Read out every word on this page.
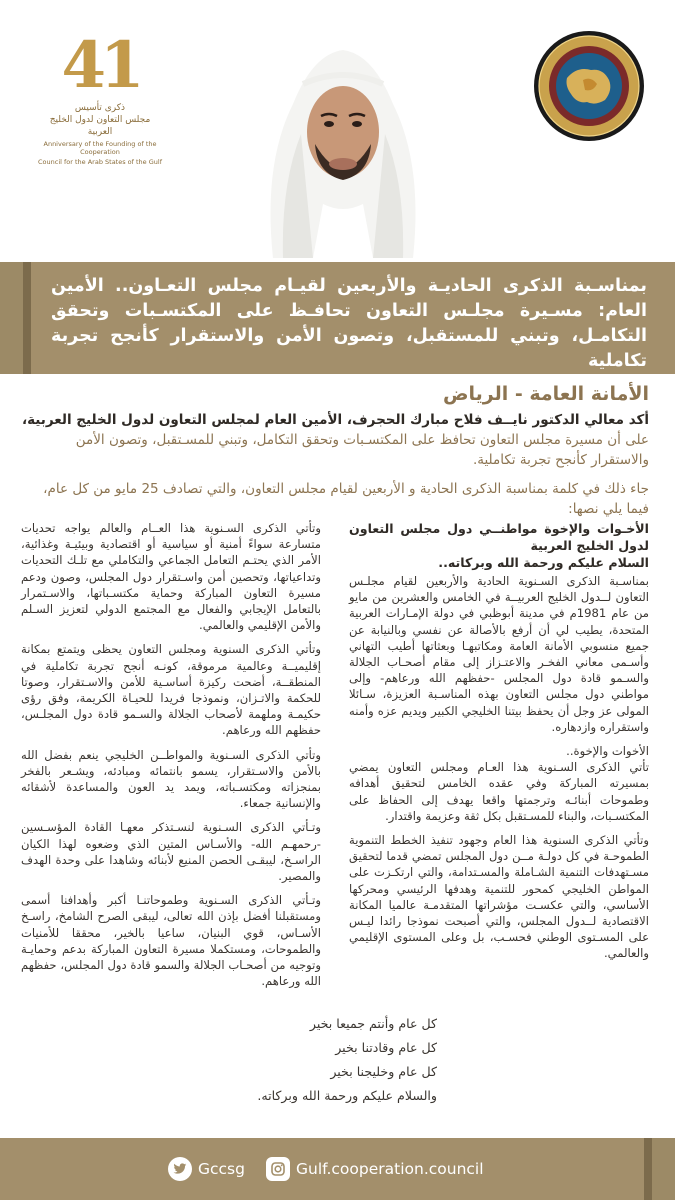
41
ذكرى تأسيس
مجلس التعاون لدول الخليج العربية
Anniversary of the Founding of the Cooperation
Council for the Arab States of the Gulf

بمناسـبة الذكرى الحاديـة والأربعين لقيـام مجلس التعـاون.. الأمين العام: مسـيرة مجلـس التعاون تحافـظ على المكتسـبات وتحقق التكامـل، وتبني للمستقبل، وتصون الأمن والاستقرار كأنجح تجربة تكاملية

الأمانة العامة - الرياض

أكد معالي الدكتور نايــف فلاح مبارك الحجرف، الأمين العام لمجلس التعاون لدول الخليج العربية،

على أن مسيرة مجلس التعاون تحافظ على المكتسـبات وتحقق التكامل، وتبني للمسـتقبل، وتصون الأمن والاستقرار كأنجح تجربة تكاملية.

جاء ذلك في كلمة بمناسبة الذكرى الحادية و الأربعين لقيام مجلس التعاون، والتي تصادف 25 مايو من كل عام، فيما يلي نصها:

الأخـوات والإخوة مواطنــي دول مجلس التعاون لدول الخليج العربية
السلام عليكم ورحمة الله وبركاته..

بمناسـبة الذكرى السـنوية الحادية والأربعين لقيام مجلـس التعاون لــدول الخليج العربيــة في الخامس والعشرين من مايو من عام 1981م في مدينة أبوظبي في دولة الإمـارات العربية المتحدة، يطيب لي أن أرفع بالأصالة عن نفسي وبالنيابة عن جميع منسوبي الأمانة العامة ومكاتبهـا وبعثاتها أطيب التهاني وأسـمى معاني الفخـر والاعتـزاز إلى مقام أصحـاب الجلالة والسـمو قادة دول المجلس -حفظهم الله ورعاهم- وإلى مواطني دول مجلس التعاون بهذه المناسـبة العزيزة، سـائلا المولى عز وجل أن يحفظ بيتنا الخليجي الكبير ويديم عزه وأمنه واستقراره وازدهاره.

الأخوات والإخوة..

تأتي الذكرى السـنوية هذا العـام ومجلس التعاون يمضي بمسيرته المباركة وفي عقده الخامس لتحقيق أهدافه وطموحات أبنائـه وترجمتها واقعا يهدف إلى الحفاظ على المكتسـبات، والبناء للمسـتقبل بكل ثقة وعزيمة واقتدار.

وتأتي الذكرى السنوية هذا العام وجهود تنفيذ الخطط التنموية الطموحـة في كل دولـة مــن دول المجلس تمضي قدما لتحقيق مسـتهدفات التنمية الشـاملة والمسـتدامة، والتي ارتكـزت على المواطن الخليجي كمحور للتنمية وهدفها الرئيسي ومحركها الأساسي، والتي عكسـت مؤشراتها المتقدمـة عالميا المكانة الاقتصادية لــدول المجلس، والتي أصبحت نموذجا رائدا ليـس على المسـتوى الوطني فحسـب، بل وعلى المستوى الإقليمي والعالمي.

وتأتي الذكرى السـنوية هذا العــام والعالم يواجه تحديات متسارعة سواءً أمنية أو سياسية أو اقتصادية وبيئيـة وغذائية، الأمر الذي يحتـم التعامل الجماعي والتكاملي مع تلـك التحديات وتداعياتها، وتحصين أمن واسـتقرار دول المجلس، وصون ودعم مسيرة التعاون المباركة وحماية مكتسـباتها، والاسـتمرار بالتعامل الإيجابي والفعال مع المجتمع الدولي لتعزيز السـلم والأمن الإقليمي والعالمي.

وتأتي الذكرى السنوية ومجلس التعاون يحظى ويتمتع بمكانة إقليميــة وعالمية مرموقة، كونـه أنجح تجربة تكاملية في المنطقــة، أضحت ركيزة أساسـية للأمن والاسـتقرار، وصوتا للحكمة والاتـزان، ونموذجا فريدا للحيـاة الكريمة، وفق رؤى حكيمـة وملهمة لأصحاب الجلالة والسـمو قادة دول المجلـس، حفظهم الله ورعاهم.

وتأتي الذكرى السـنوية والمواطــن الخليجي ينعم بفضل الله بالأمن والاسـتقرار، يسمو بانتمائه ومبادئه، ويشـعر بالفخر بمنجزاته ومكتسـباته، ويمد يد العون والمساعدة لأشقائه والإنسانية جمعاء.

وتـأتي الذكرى السـنوية لنسـتذكر معهـا القادة المؤسـسين -رحمهـم الله- والأسـاس المتين الذي وضعوه لهذا الكيان الراسـخ، ليبقـى الحصن المنيع لأبنائه وشاهدا على وحدة الهدف والمصير.

وتـأتي الذكرى السـنوية وطموحاتنـا أكبر وأهدافنا أسمى ومستقبلنا أفضل بإذن الله تعالى، ليبقى الصرح الشامخ، راسـخ الأسـاس، قوي البنيان، ساعيا بالخير، محققا للأمنيات والطموحات، ومستكملا مسيرة التعاون المباركة بدعم وحمايـة وتوجيه من أصحـاب الجلالة والسمو قادة دول المجلس، حفظهم الله ورعاهم.

كل عام وأنتم جميعا بخير
كل عام وقادتنا بخير
كل عام وخليجنا بخير
والسلام عليكم ورحمة الله وبركاته.
Gccsg	Gulf.cooperation.council
